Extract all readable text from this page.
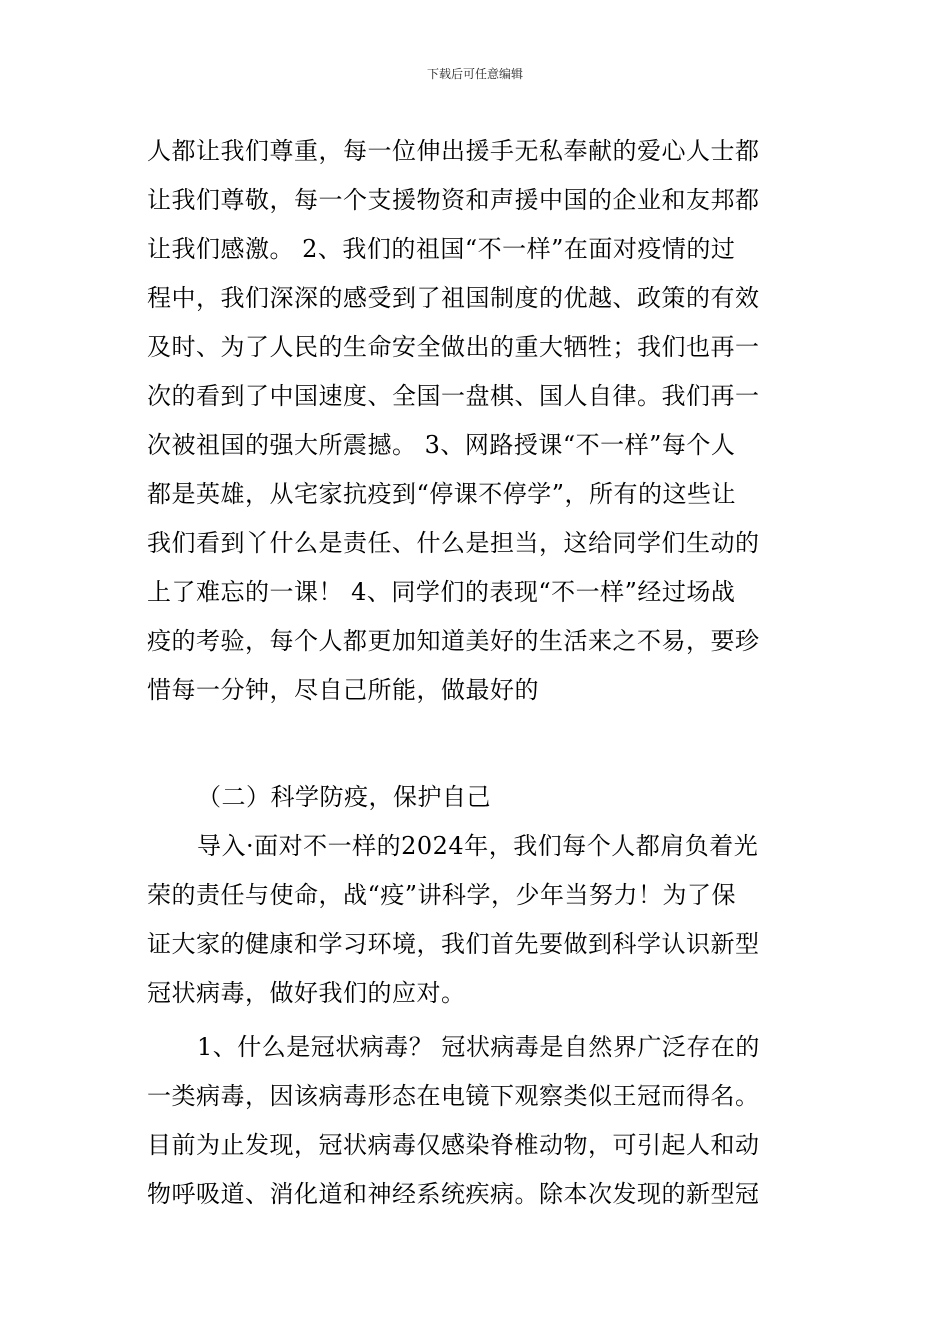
下载后可任意编辑
人都让我们尊重，每一位伸出援手无私奉献的爱心人士都
让我们尊敬，每一个支援物资和声援中国的企业和友邦都
让我们感激。 2、我们的祖国“不一样”在面对疫情的过
程中，我们深深的感受到了祖国制度的优越、政策的有效
及时、为了人民的生命安全做出的重大牺牲；我们也再一
次的看到了中国速度、全国一盘棋、国人自律。我们再一
次被祖国的强大所震撼。 3、网路授课“不一样”每个人
都是英雄，从宅家抗疫到“停课不停学”，所有的这些让
我们看到丫什么是责任、什么是担当，这给同学们生动的
上了难忘的一课！ 4、同学们的表现“不一样”经过场战
疫的考验，每个人都更加知道美好的生活来之不易，要珍
惜每一分钟，尽自己所能，做最好的
（二）科学防疫，保护自己
导入·面对不一样的2024年，我们每个人都肩负着光
荣的责任与使命，战“疫”讲科学，少年当努力！为了保
证大家的健康和学习环境，我们首先要做到科学认识新型
冠状病毒，做好我们的应对。
1、什么是冠状病毒？ 冠状病毒是自然界广泛存在的
一类病毒，因该病毒形态在电镜下观察类似王冠而得名。
目前为止发现，冠状病毒仅感染脊椎动物，可引起人和动
物呼吸道、消化道和神经系统疾病。除本次发现的新型冠
